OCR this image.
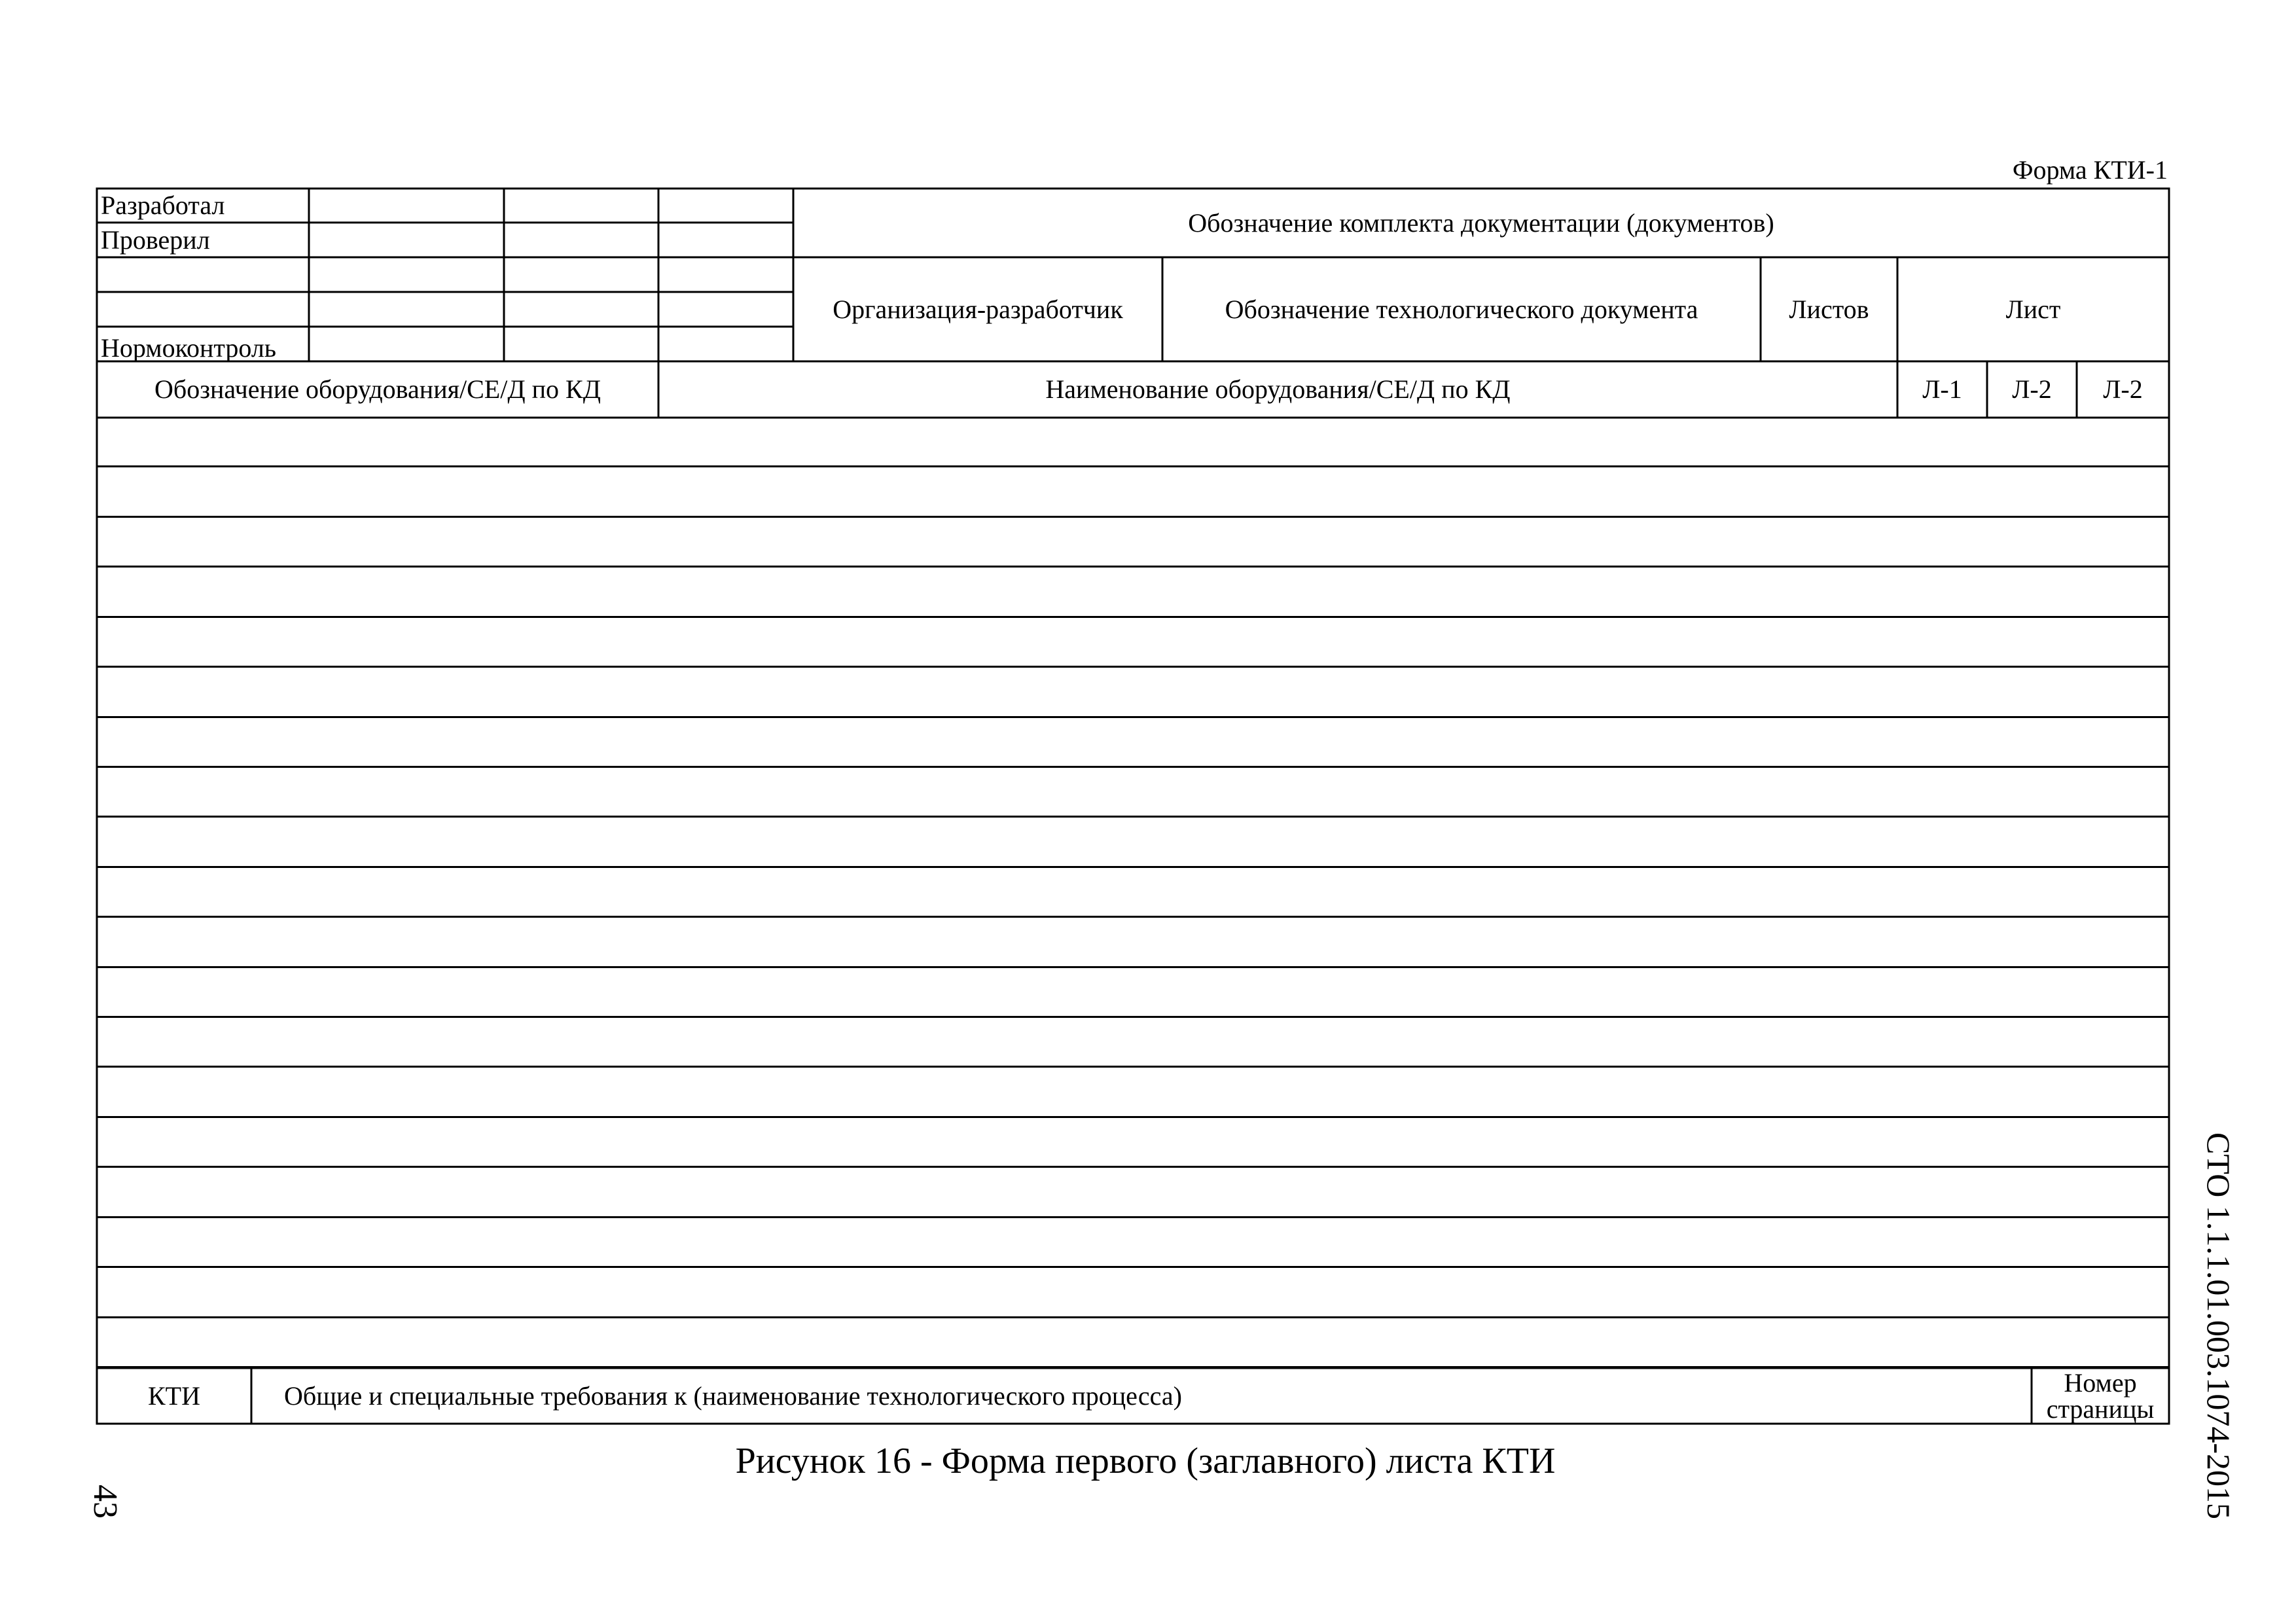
Форма КТИ-1
Разработал
Проверил
Нормоконтроль
Обозначение комплекта документации (документов)
Организация-разработчик	Обозначение технологического документа	Листов	Лист
Обозначение оборудования/СЕ/Д по КД	Наименование оборудования/СЕ/Д по КД	Л-1	Л-2	Л-2
КТИ	Общие и специальные требования к (наименование технологического процесса)	Номер
страницы
Рисунок 16 - Форма первого (заглавного) листа КТИ
43	СТО 1.1.1.01.003.1074-2015
